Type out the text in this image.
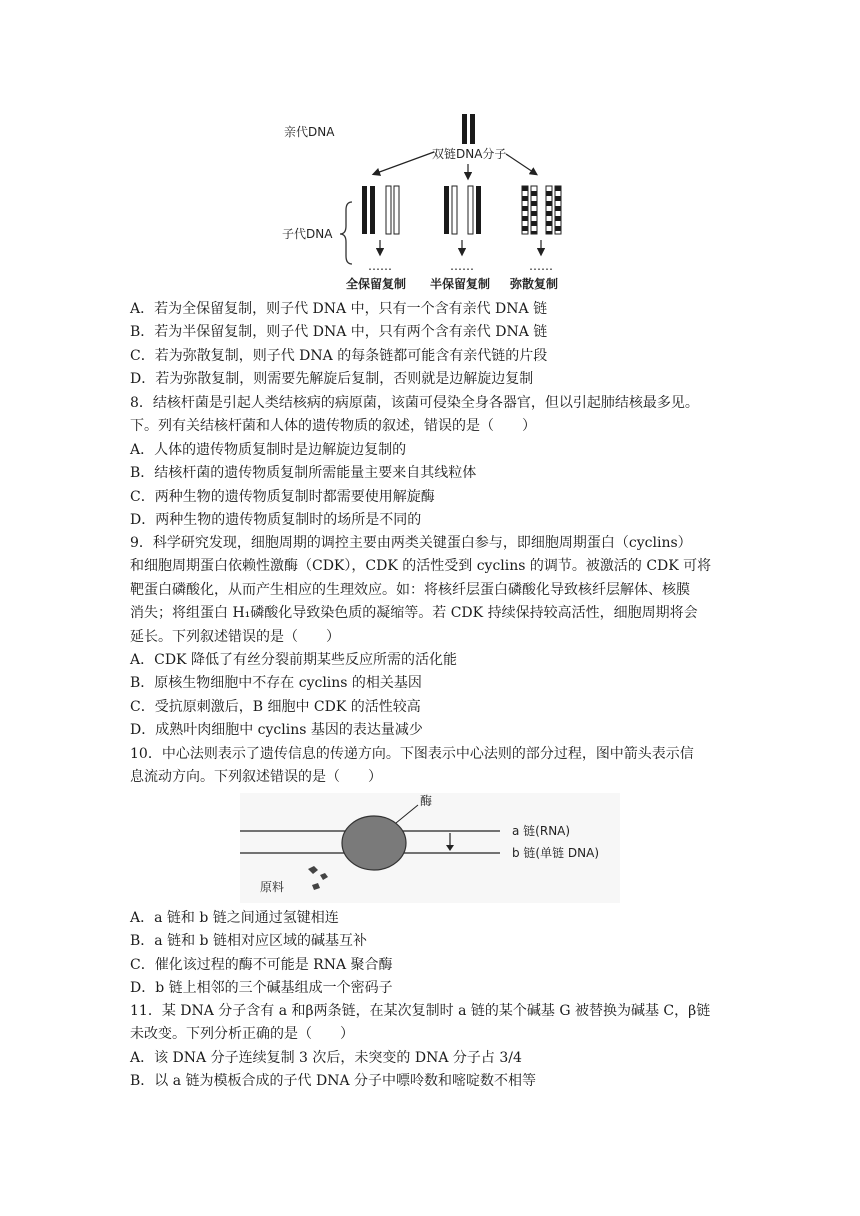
亲代DNA
双链DNA分子
子代DNA
……	……	……
全保留复制 半保留复制 弥散复制
A．若为全保留复制，则子代 DNA 中，只有一个含有亲代 DNA 链
B．若为半保留复制，则子代 DNA 中，只有两个含有亲代 DNA 链
C．若为弥散复制，则子代 DNA 的每条链都可能含有亲代链的片段
D．若为弥散复制，则需要先解旋后复制，否则就是边解旋边复制
8．结核杆菌是引起人类结核病的病原菌，该菌可侵染全身各器官，但以引起肺结核最多见。
下。列有关结核杆菌和人体的遗传物质的叙述，错误的是（　　）
A．人体的遗传物质复制时是边解旋边复制的
B．结核杆菌的遗传物质复制所需能量主要来自其线粒体
C．两种生物的遗传物质复制时都需要使用解旋酶
D．两种生物的遗传物质复制时的场所是不同的
9．科学研究发现，细胞周期的调控主要由两类关键蛋白参与，即细胞周期蛋白（cyclins）
和细胞周期蛋白依赖性激酶（CDK），CDK 的活性受到 cyclins 的调节。被激活的 CDK 可将
靶蛋白磷酸化，从而产生相应的生理效应。如：将核纤层蛋白磷酸化导致核纤层解体、核膜
消失；将组蛋白 H₁磷酸化导致染色质的凝缩等。若 CDK 持续保持较高活性，细胞周期将会
延长。下列叙述错误的是（　　）
A．CDK 降低了有丝分裂前期某些反应所需的活化能
B．原核生物细胞中不存在 cyclins 的相关基因
C．受抗原刺激后，B 细胞中 CDK 的活性较高
D．成熟叶肉细胞中 cyclins 基因的表达量减少
10．中心法则表示了遗传信息的传递方向。下图表示中心法则的部分过程，图中箭头表示信
息流动方向。下列叙述错误的是（　　）
酶
a 链(RNA)
b 链(单链 DNA)
原料
A．a 链和 b 链之间通过氢键相连
B．a 链和 b 链相对应区域的碱基互补
C．催化该过程的酶不可能是 RNA 聚合酶
D．b 链上相邻的三个碱基组成一个密码子
11．某 DNA 分子含有 a 和β两条链，在某次复制时 a 链的某个碱基 G 被替换为碱基 C，β链
未改变。下列分析正确的是（　　）
A．该 DNA 分子连续复制 3 次后，未突变的 DNA 分子占 3/4
B．以 a 链为模板合成的子代 DNA 分子中嘌呤数和嘧啶数不相等
